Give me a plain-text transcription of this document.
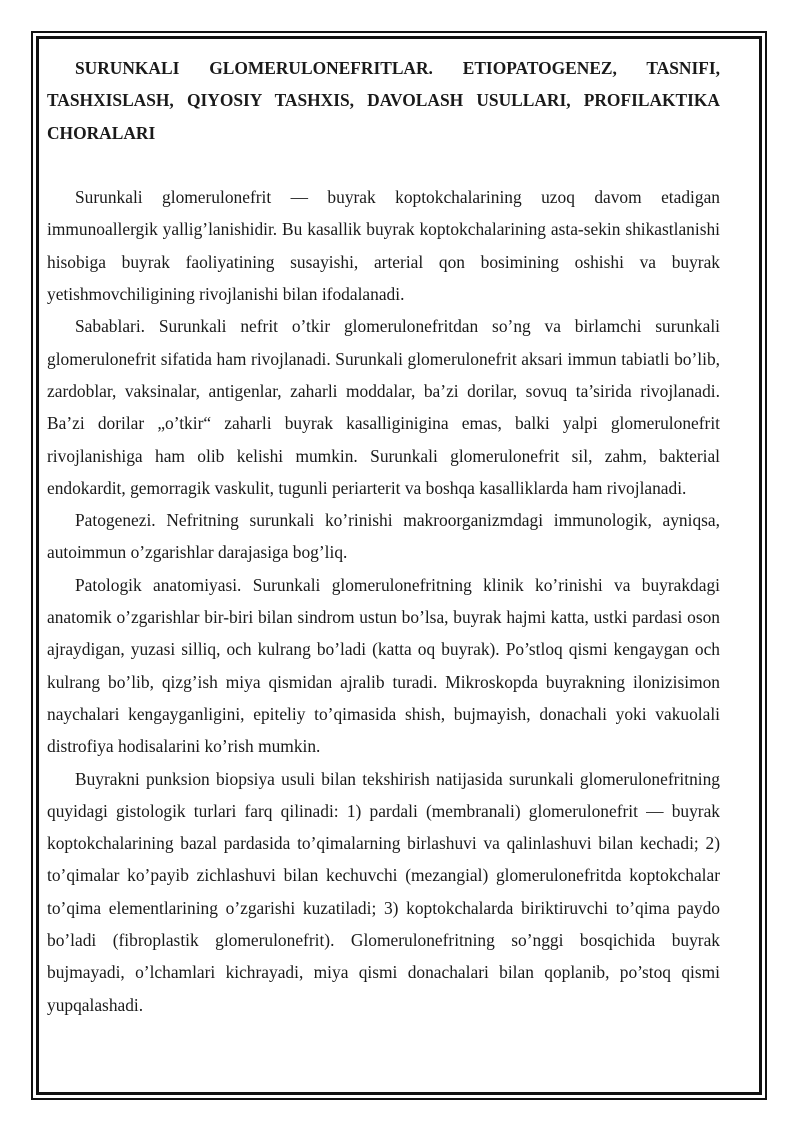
SURUNKALI GLOMERULONEFRITLAR. ETIOPATOGENEZ, TASNIFI, TASHXISLASH, QIYOSIY TASHXIS, DAVOLASH USULLARI, PROFILAKTIKA CHORALARI

Surunkali glomerulonefrit — buyrak koptokchalarining uzoq davom etadigan immunoallergik yallig’lanishidir. Bu kasallik buyrak koptokchalarining asta-sekin shikastlanishi hisobiga buyrak faoliyatining susayishi, arterial qon bosimining oshishi va buyrak yetishmovchiligining rivojlanishi bilan ifodalanadi.

Sabablari. Surunkali nefrit o’tkir glomerulonefritdan so’ng va birlamchi surunkali glomerulonefrit sifatida ham rivojlanadi. Surunkali glomerulonefrit aksari immun tabiatli bo’lib, zardoblar, vaksinalar, antigenlar, zaharli moddalar, ba’zi dorilar, sovuq ta’sirida rivojlanadi. Ba’zi dorilar „o’tkir“ zaharli buyrak kasalliginigina emas, balki yalpi glomerulonefrit rivojlanishiga ham olib kelishi mumkin. Surunkali glomerulonefrit sil, zahm, bakterial endokardit, gemorragik vaskulit, tugunli periarterit va boshqa kasalliklarda ham rivojlanadi.

Patogenezi. Nefritning surunkali ko’rinishi makroorganizmdagi immunologik, ayniqsa, autoimmun o’zgarishlar darajasiga bog’liq.

Patologik anatomiyasi. Surunkali glomerulonefritning klinik ko’rinishi va buyrakdagi anatomik o’zgarishlar bir-biri bilan sindrom ustun bo’lsa, buyrak hajmi katta, ustki pardasi oson ajraydigan, yuzasi silliq, och kulrang bo’ladi (katta oq buyrak). Po’stloq qismi kengaygan och kulrang bo’lib, qizg’ish miya qismidan ajralib turadi. Mikroskopda buyrakning ilonizisimon naychalari kengayganligini, epiteliy to’qimasida shish, bujmayish, donachali yoki vakuolali distrofiya hodisalarini ko’rish mumkin.

Buyrakni punksion biopsiya usuli bilan tekshirish natijasida surunkali glomerulonefritning quyidagi gistologik turlari farq qilinadi: 1) pardali (membranali) glomerulonefrit — buyrak koptokchalarining bazal pardasida to’qimalarning birlashuvi va qalinlashuvi bilan kechadi; 2) to’qimalar ko’payib zichlashuvi bilan kechuvchi (mezangial) glomerulonefritda koptokchalar to’qima elementlarining o’zgarishi kuzatiladi; 3) koptokchalarda biriktiruvchi to’qima paydo bo’ladi (fibroplastik glomerulonefrit). Glomerulonefritning so’nggi bosqichida buyrak bujmayadi, o’lchamlari kichrayadi, miya qismi donachalari bilan qoplanib, po’stoq qismi yupqalashadi.
